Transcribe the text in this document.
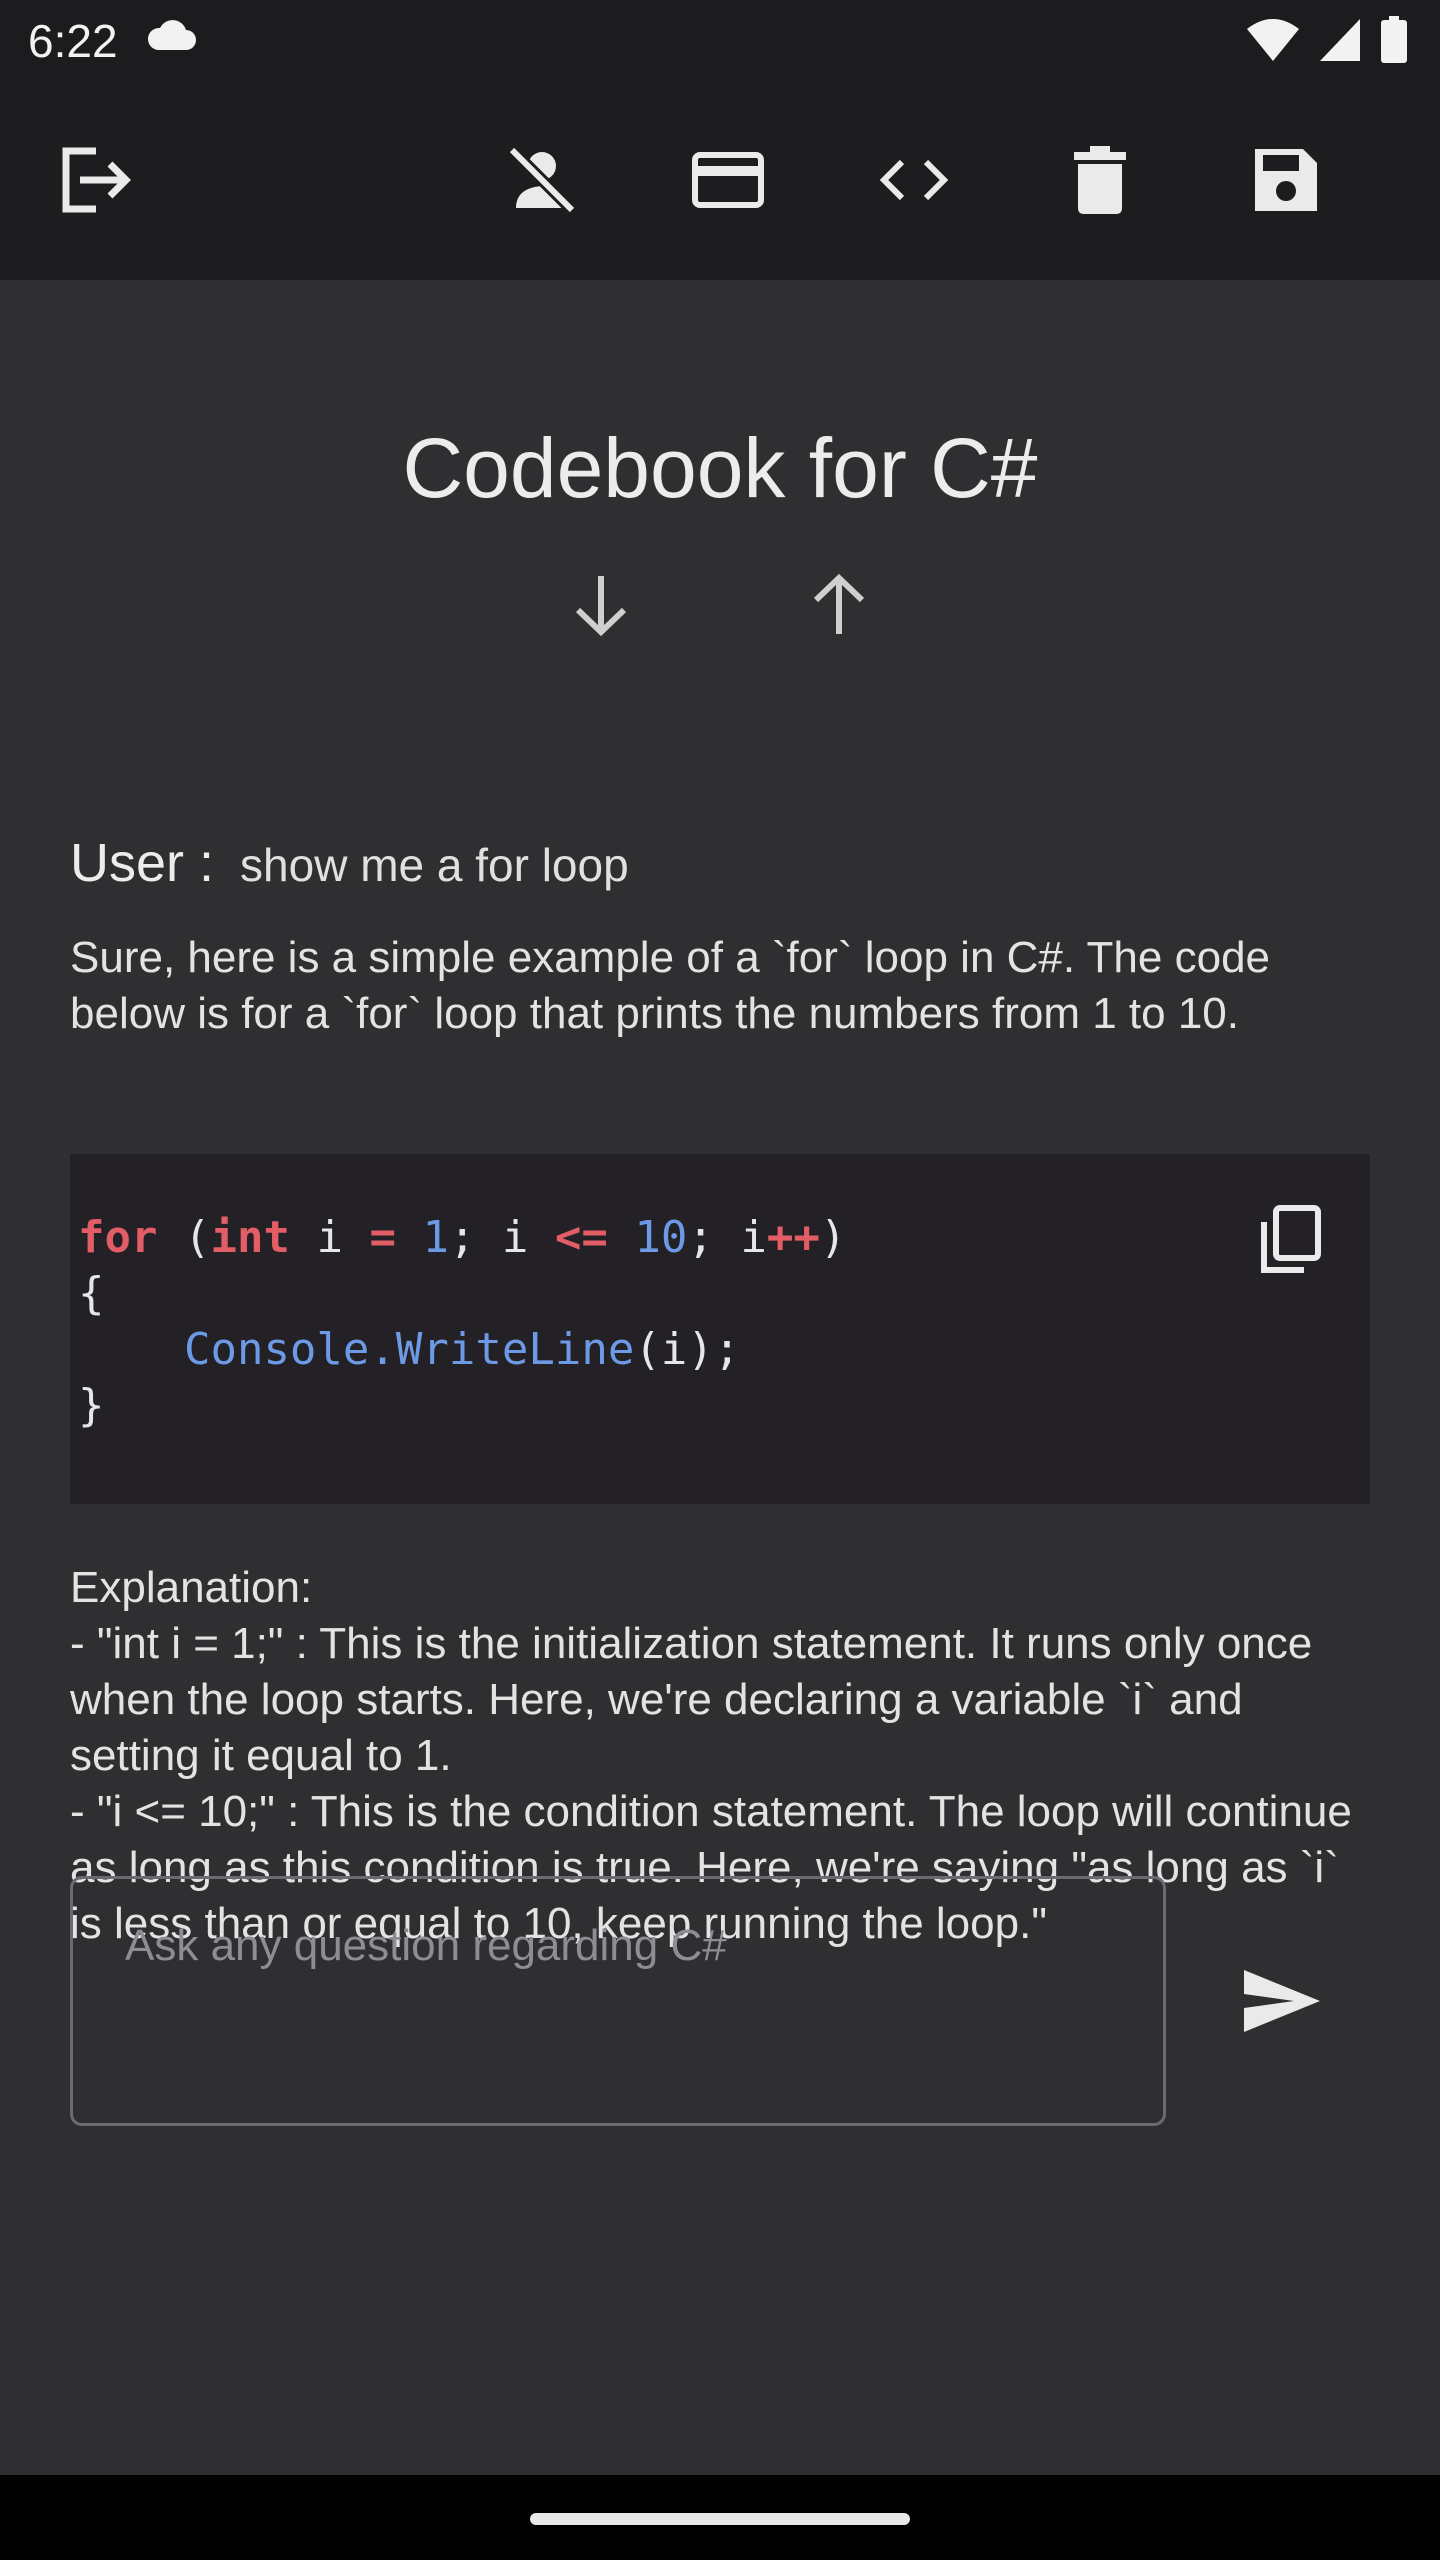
6:22
Codebook for C#
User : show me a for loop
Sure, here is a simple example of a `for` loop in C#. The code below is for a `for` loop that prints the numbers from 1 to 10.
for (int i = 1; i <= 10; i++)
{
Console.WriteLine(i);
}

Explanation:

- "int i = 1;" : This is the initialization statement. It runs only once when the loop starts. Here, we're declaring a variable `i` and setting it equal to 1.

- "i <= 10;" : This is the condition statement. The loop will continue as long as this condition is true. Here, we're saying "as long as `i` is less than or equal to 10, keep running the loop."

Ask any question regarding C#
